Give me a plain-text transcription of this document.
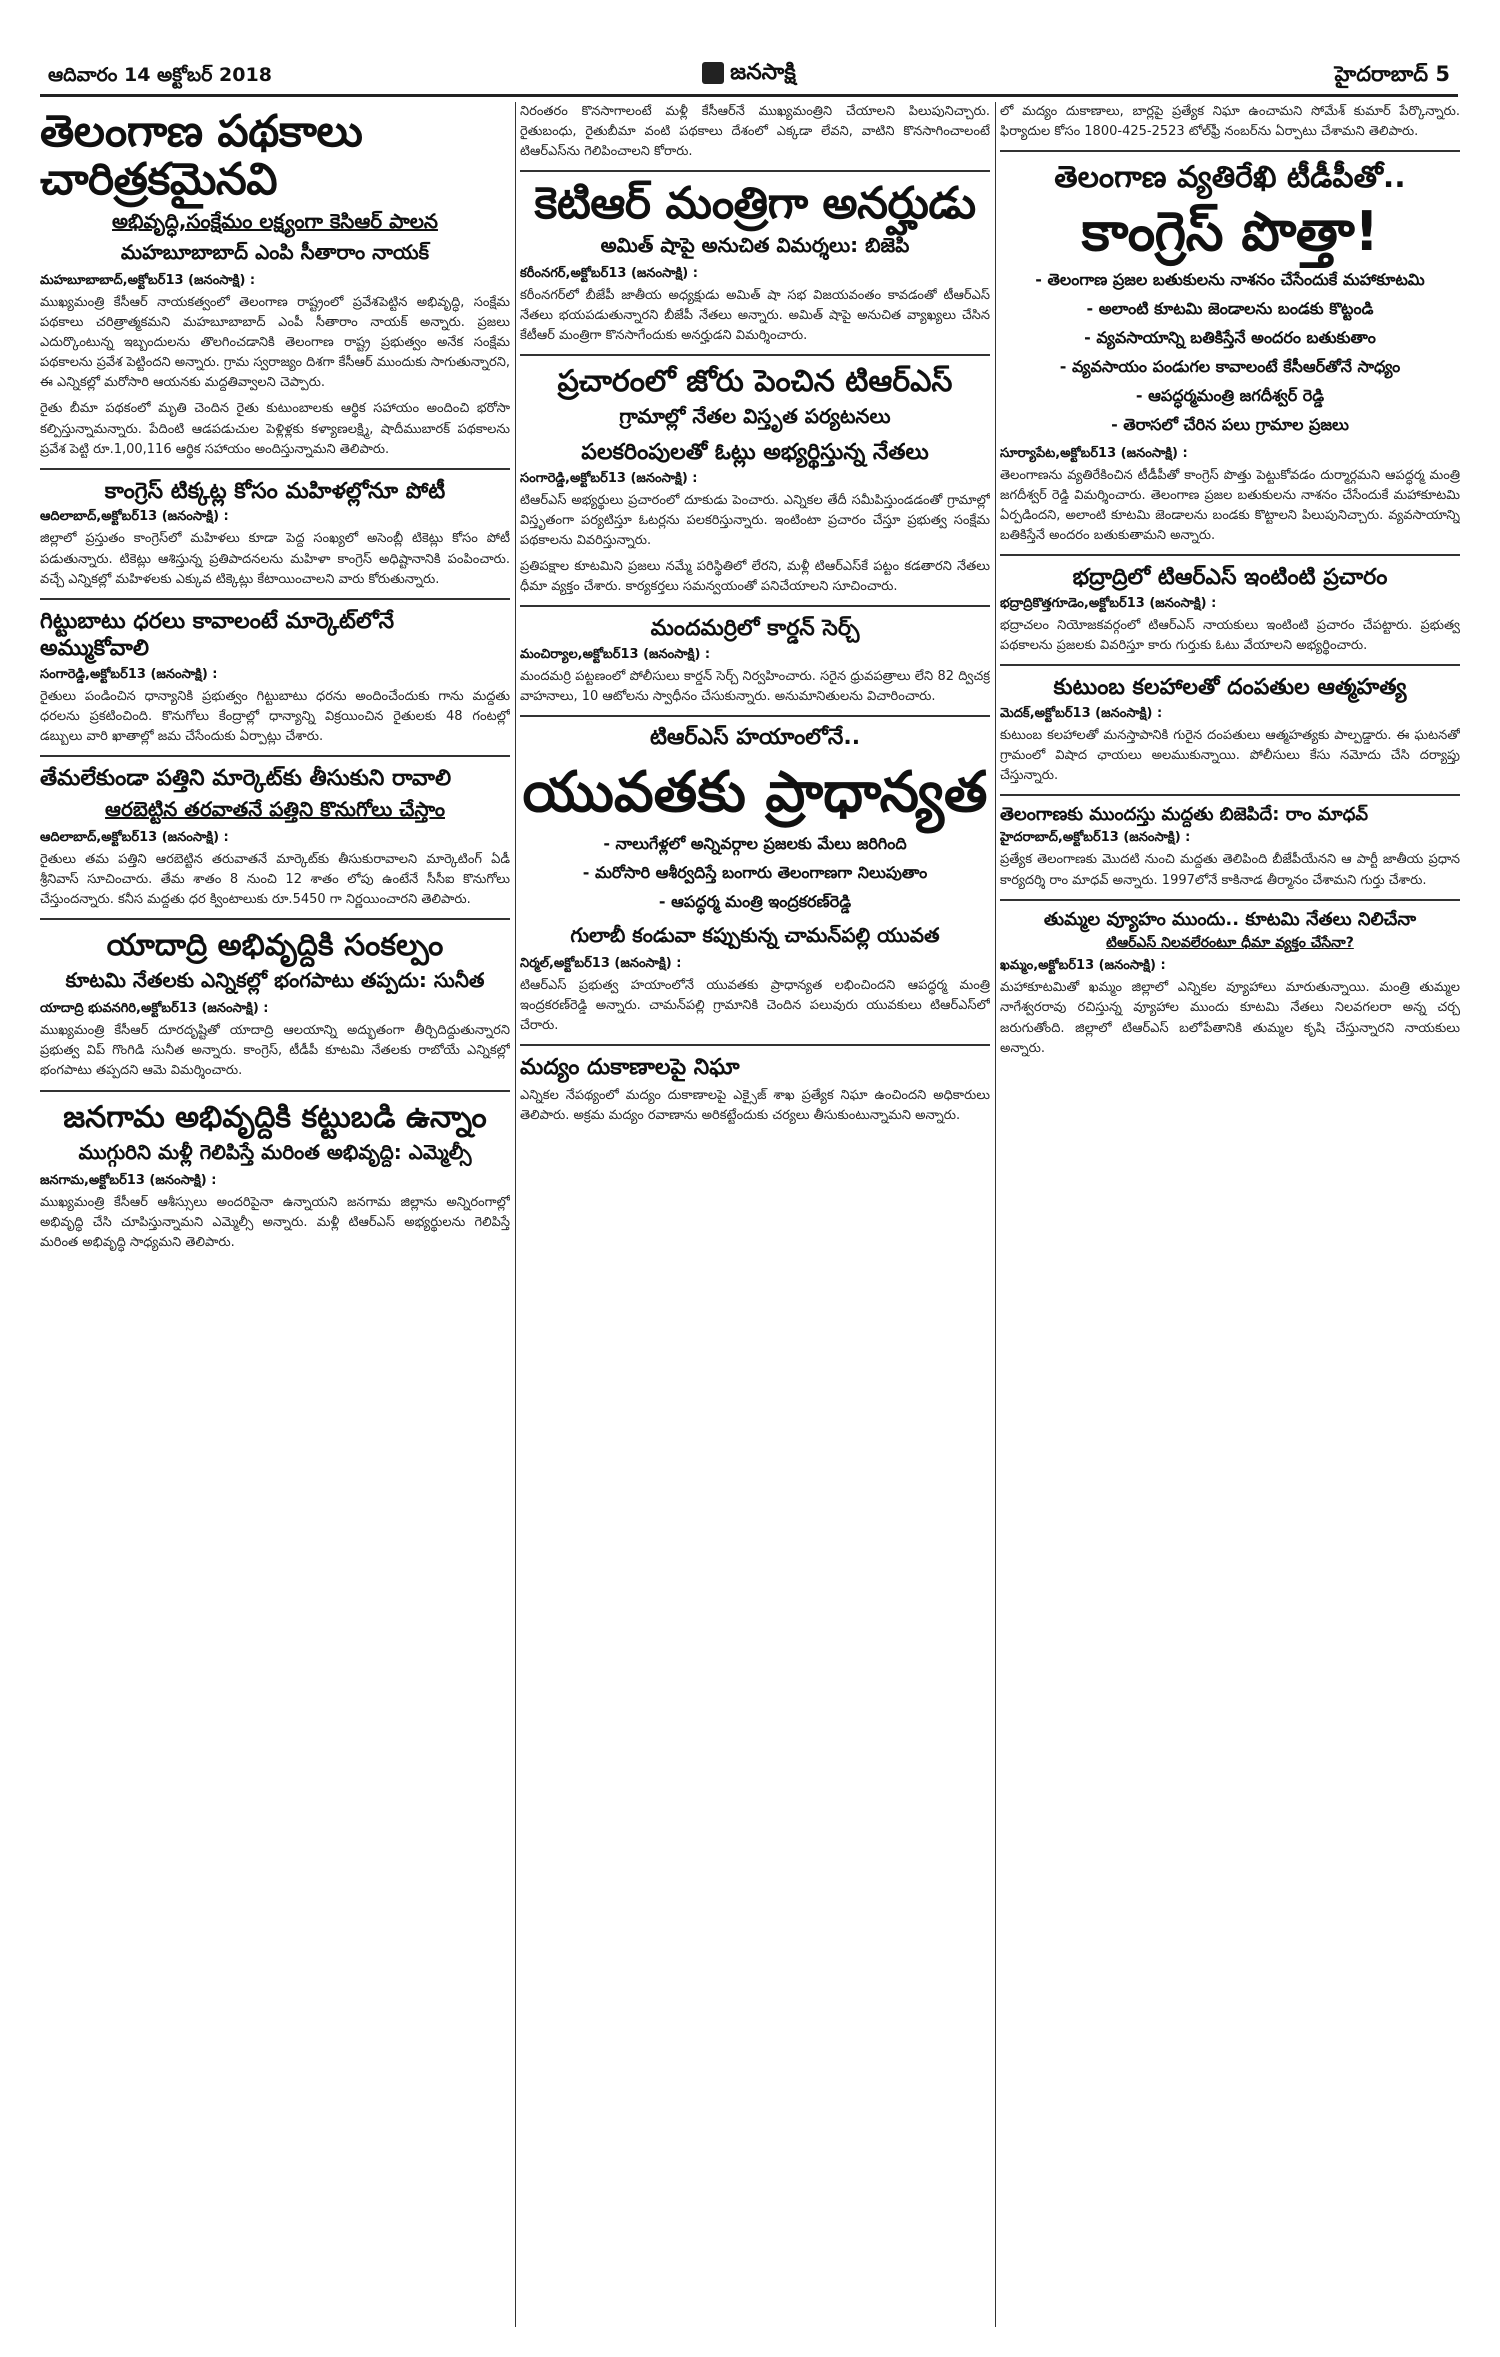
ఆదివారం 14 అక్టోబర్ 2018	జనసాక్షి	హైదరాబాద్ 5
తెలంగాణ పథకాలు చారిత్రకమైనవి
అభివృద్ధి,సంక్షేమం లక్ష్యంగా కెసిఆర్ పాలన
మహబూబాబాద్ ఎంపి సీతారాం నాయక్
మహబూబాబాద్,అక్టోబర్13 (జనంసాక్షి) :

ముఖ్యమంత్రి కేసీఆర్ నాయకత్వంలో తెలంగాణ రాష్ట్రంలో ప్రవేశపెట్టిన అభివృద్ధి, సంక్షేమ పథకాలు చరిత్రాత్మకమని మహబూబాబాద్ ఎంపీ సీతారాం నాయక్ అన్నారు. ప్రజలు ఎదుర్కొంటున్న ఇబ్బందులను తొలగించడానికి తెలంగాణ రాష్ట్ర ప్రభుత్వం అనేక సంక్షేమ పథకాలను ప్రవేశ పెట్టిందని అన్నారు. గ్రామ స్వరాజ్యం దిశగా కేసీఆర్ ముందుకు సాగుతున్నారని, ఈ ఎన్నికల్లో మరోసారి ఆయనకు మద్దతివ్వాలని చెప్పారు.

రైతు బీమా పథకంలో మృతి చెందిన రైతు కుటుంబాలకు ఆర్థిక సహాయం అందించి భరోసా కల్పిస్తున్నామన్నారు. పేదింటి ఆడపడుచుల పెళ్లిళ్లకు కళ్యాణలక్ష్మి, షాదీముబారక్ పథకాలను ప్రవేశ పెట్టి రూ.1,00,116 ఆర్థిక సహాయం అందిస్తున్నామని తెలిపారు.

కాంగ్రెస్ టిక్కట్ల కోసం మహిళల్లోనూ పోటీ
ఆదిలాబాద్,అక్టోబర్13 (జనంసాక్షి) :

జిల్లాలో ప్రస్తుతం కాంగ్రెస్‌లో మహిళలు కూడా పెద్ద సంఖ్యలో అసెంబ్లీ టికెట్లు కోసం పోటీ పడుతున్నారు. టికెట్లు ఆశిస్తున్న ప్రతిపాదనలను మహిళా కాంగ్రెస్ అధిష్టానానికి పంపించారు. వచ్చే ఎన్నికల్లో మహిళలకు ఎక్కువ టిక్కెట్లు కేటాయించాలని వారు కోరుతున్నారు.

గిట్టుబాటు ధరలు కావాలంటే మార్కెట్‌లోనే అమ్ముకోవాలి
సంగారెడ్డి,అక్టోబర్13 (జనంసాక్షి) :

రైతులు పండించిన ధాన్యానికి ప్రభుత్వం గిట్టుబాటు ధరను అందించేందుకు గాను మద్దతు ధరలను ప్రకటించింది. కొనుగోలు కేంద్రాల్లో ధాన్యాన్ని విక్రయించిన రైతులకు 48 గంటల్లో డబ్బులు వారి ఖాతాల్లో జమ చేసేందుకు ఏర్పాట్లు చేశారు.

తేమలేకుండా పత్తిని మార్కెట్‌కు తీసుకుని రావాలి
ఆరబెట్టిన తరవాతనే పత్తిని కొనుగోలు చేస్తాం
ఆదిలాబాద్,అక్టోబర్13 (జనంసాక్షి) :

రైతులు తమ పత్తిని ఆరబెట్టిన తరువాతనే మార్కెట్‌కు తీసుకురావాలని మార్కెటింగ్ ఏడీ శ్రీనివాస్ సూచించారు. తేమ శాతం 8 నుంచి 12 శాతం లోపు ఉంటేనే సీసీఐ కొనుగోలు చేస్తుందన్నారు. కనీస మద్దతు ధర క్వింటాలుకు రూ.5450 గా నిర్ణయించారని తెలిపారు.

యాదాద్రి అభివృద్దికి సంకల్పం
కూటమి నేతలకు ఎన్నికల్లో భంగపాటు తప్పదు: సునీత
యాదాద్రి భువనగిరి,అక్టోబర్13 (జనంసాక్షి) :

ముఖ్యమంత్రి కేసీఆర్ దూరదృష్టితో యాదాద్రి ఆలయాన్ని అద్భుతంగా తీర్చిదిద్దుతున్నారని ప్రభుత్వ విప్ గొంగిడి సునీత అన్నారు. కాంగ్రెస్, టీడీపీ కూటమి నేతలకు రాబోయే ఎన్నికల్లో భంగపాటు తప్పదని ఆమె విమర్శించారు.

జనగామ అభివృద్దికి కట్టుబడి ఉన్నాం
ముగ్గురిని మళ్లీ గెలిపిస్తే మరింత అభివృద్ది: ఎమ్మెల్సీ
జనగామ,అక్టోబర్13 (జనంసాక్షి) :

ముఖ్యమంత్రి కేసీఆర్ ఆశీస్సులు అందరిపైనా ఉన్నాయని జనగామ జిల్లాను అన్నిరంగాల్లో అభివృద్ధి చేసి చూపిస్తున్నామని ఎమ్మెల్సీ అన్నారు. మళ్లీ టిఆర్ఎస్ అభ్యర్థులను గెలిపిస్తే మరింత అభివృద్ధి సాధ్యమని తెలిపారు.

నిరంతరం కొనసాగాలంటే మళ్లీ కేసీఆర్‌నే ముఖ్యమంత్రిని చేయాలని పిలుపునిచ్చారు. రైతుబంధు, రైతుబీమా వంటి పథకాలు దేశంలో ఎక్కడా లేవని, వాటిని కొనసాగించాలంటే టిఆర్ఎస్‌ను గెలిపించాలని కోరారు.

కెటిఆర్ మంత్రిగా అనర్హుడు
అమిత్ షాపై అనుచిత విమర్శలు: బిజెపి
కరీంనగర్,అక్టోబర్13 (జనంసాక్షి) :

కరీంనగర్‌లో బీజేపీ జాతీయ అధ్యక్షుడు అమిత్ షా సభ విజయవంతం కావడంతో టీఆర్ఎస్ నేతలు భయపడుతున్నారని బీజేపీ నేతలు అన్నారు. అమిత్ షాపై అనుచిత వ్యాఖ్యలు చేసిన కేటీఆర్ మంత్రిగా కొనసాగేందుకు అనర్హుడని విమర్శించారు.

ప్రచారంలో జోరు పెంచిన టిఆర్ఎస్
గ్రామాల్లో నేతల విస్తృత పర్యటనలు
పలకరింపులతో ఓట్లు అభ్యర్థిస్తున్న నేతలు
సంగారెడ్డి,అక్టోబర్13 (జనంసాక్షి) :

టిఆర్ఎస్ అభ్యర్థులు ప్రచారంలో దూకుడు పెంచారు. ఎన్నికల తేదీ సమీపిస్తుండడంతో గ్రామాల్లో విస్తృతంగా పర్యటిస్తూ ఓటర్లను పలకరిస్తున్నారు. ఇంటింటా ప్రచారం చేస్తూ ప్రభుత్వ సంక్షేమ పథకాలను వివరిస్తున్నారు.

ప్రతిపక్షాల కూటమిని ప్రజలు నమ్మే పరిస్థితిలో లేరని, మళ్లీ టిఆర్ఎస్‌కే పట్టం కడతారని నేతలు ధీమా వ్యక్తం చేశారు. కార్యకర్తలు సమన్వయంతో పనిచేయాలని సూచించారు.

మందమర్రిలో కార్డన్ సెర్చ్
మంచిర్యాల,అక్టోబర్13 (జనంసాక్షి) :

మందమర్రి పట్టణంలో పోలీసులు కార్డన్ సెర్చ్ నిర్వహించారు. సరైన ధ్రువపత్రాలు లేని 82 ద్విచక్ర వాహనాలు, 10 ఆటోలను స్వాధీనం చేసుకున్నారు. అనుమానితులను విచారించారు.

టిఆర్ఎస్ హయాంలోనే..
యువతకు ప్రాధాన్యత
- నాలుగేళ్లలో అన్నివర్గాల ప్రజలకు మేలు జరిగింది
- మరోసారి ఆశీర్వదిస్తే బంగారు తెలంగాణగా నిలుపుతాం
- ఆపద్ధర్మ మంత్రి ఇంద్రకరణ్‌రెడ్డి
గులాబీ కండువా కప్పుకున్న చామన్‌పల్లి యువత
నిర్మల్,అక్టోబర్13 (జనంసాక్షి) :

టిఆర్ఎస్ ప్రభుత్వ హయాంలోనే యువతకు ప్రాధాన్యత లభించిందని ఆపద్ధర్మ మంత్రి ఇంద్రకరణ్‌రెడ్డి అన్నారు. చామన్‌పల్లి గ్రామానికి చెందిన పలువురు యువకులు టిఆర్ఎస్‌లో చేరారు.

మద్యం దుకాణాలపై నిఘా

ఎన్నికల నేపథ్యంలో మద్యం దుకాణాలపై ఎక్సైజ్ శాఖ ప్రత్యేక నిఘా ఉంచిందని అధికారులు తెలిపారు. అక్రమ మద్యం రవాణాను అరికట్టేందుకు చర్యలు తీసుకుంటున్నామని అన్నారు.

లో మద్యం దుకాణాలు, బార్లపై ప్రత్యేక నిఘా ఉంచామని సోమేశ్ కుమార్ పేర్కొన్నారు. ఫిర్యాదుల కోసం 1800-425-2523 టోల్‌ఫ్రీ నంబర్‌ను ఏర్పాటు చేశామని తెలిపారు.

తెలంగాణ వ్యతిరేఖి టీడీపీతో..
కాంగ్రెస్ పొత్తా!
- తెలంగాణ ప్రజల బతుకులను నాశనం చేసేందుకే మహాకూటమి
- అలాంటి కూటమి జెండాలను బండకు కొట్టండి
- వ్యవసాయాన్ని బతికిస్తేనే అందరం బతుకుతాం
- వ్యవసాయం పండుగల కావాలంటే కేసీఆర్‌తోనే సాధ్యం
- ఆపద్ధర్మమంత్రి జగదీశ్వర్ రెడ్డి
- తెరాసలో చేరిన పలు గ్రామాల ప్రజలు
సూర్యాపేట,అక్టోబర్13 (జనంసాక్షి) :

తెలంగాణను వ్యతిరేకించిన టీడీపీతో కాంగ్రెస్ పొత్తు పెట్టుకోవడం దుర్మార్గమని ఆపద్ధర్మ మంత్రి జగదీశ్వర్ రెడ్డి విమర్శించారు. తెలంగాణ ప్రజల బతుకులను నాశనం చేసేందుకే మహాకూటమి ఏర్పడిందని, అలాంటి కూటమి జెండాలను బండకు కొట్టాలని పిలుపునిచ్చారు. వ్యవసాయాన్ని బతికిస్తేనే అందరం బతుకుతామని అన్నారు.

భద్రాద్రిలో టిఆర్ఎస్ ఇంటింటి ప్రచారం
భద్రాద్రికొత్తగూడెం,అక్టోబర్13 (జనంసాక్షి) :

భద్రాచలం నియోజకవర్గంలో టిఆర్ఎస్ నాయకులు ఇంటింటి ప్రచారం చేపట్టారు. ప్రభుత్వ పథకాలను ప్రజలకు వివరిస్తూ కారు గుర్తుకు ఓటు వేయాలని అభ్యర్థించారు.

కుటుంబ కలహాలతో దంపతుల ఆత్మహత్య
మెదక్,అక్టోబర్13 (జనంసాక్షి) :

కుటుంబ కలహాలతో మనస్తాపానికి గురైన దంపతులు ఆత్మహత్యకు పాల్పడ్డారు. ఈ ఘటనతో గ్రామంలో విషాద ఛాయలు అలముకున్నాయి. పోలీసులు కేసు నమోదు చేసి దర్యాప్తు చేస్తున్నారు.

తెలంగాణకు ముందస్తు మద్దతు బిజెపిదే: రాం మాధవ్
హైదరాబాద్,అక్టోబర్13 (జనంసాక్షి) :

ప్రత్యేక తెలంగాణకు మొదటి నుంచి మద్దతు తెలిపింది బీజేపీయేనని ఆ పార్టీ జాతీయ ప్రధాన కార్యదర్శి రాం మాధవ్ అన్నారు. 1997లోనే కాకినాడ తీర్మానం చేశామని గుర్తు చేశారు.

తుమ్మల వ్యూహం ముందు.. కూటమి నేతలు నిలిచేనా
టిఆర్ఎస్‌ నిలవలేరంటూ ధీమా వ్యక్తం చేసేనా?
ఖమ్మం,అక్టోబర్13 (జనంసాక్షి) :

మహాకూటమితో ఖమ్మం జిల్లాలో ఎన్నికల వ్యూహాలు మారుతున్నాయి. మంత్రి తుమ్మల నాగేశ్వరరావు రచిస్తున్న వ్యూహాల ముందు కూటమి నేతలు నిలవగలరా అన్న చర్చ జరుగుతోంది. జిల్లాలో టిఆర్ఎస్ బలోపేతానికి తుమ్మల కృషి చేస్తున్నారని నాయకులు అన్నారు.
